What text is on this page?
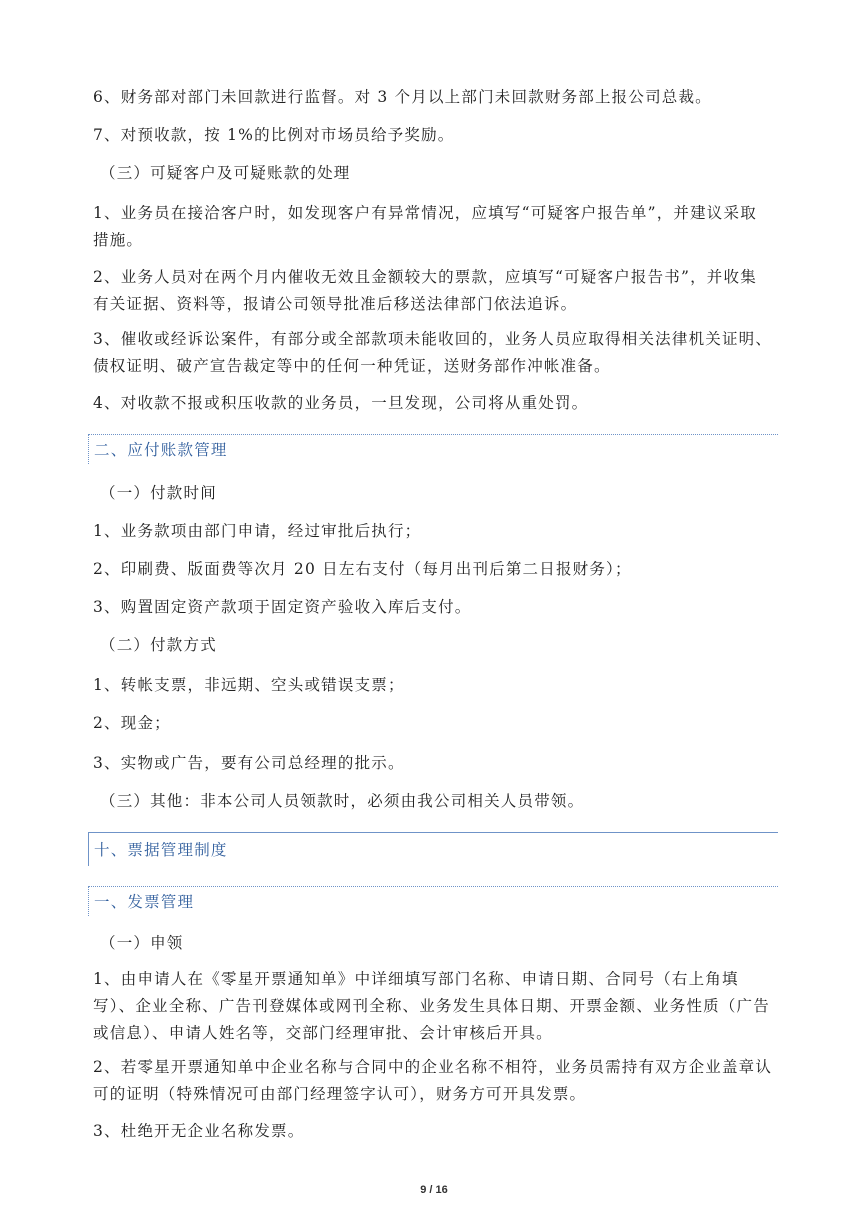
6、财务部对部门未回款进行监督。对 3 个月以上部门未回款财务部上报公司总裁。

7、对预收款，按 1%的比例对市场员给予奖励。

（三）可疑客户及可疑账款的处理

1、业务员在接洽客户时，如发现客户有异常情况，应填写“可疑客户报告单”，并建议采取措施。

2、业务人员对在两个月内催收无效且金额较大的票款，应填写“可疑客户报告书”，并收集有关证据、资料等，报请公司领导批准后移送法律部门依法追诉。

3、催收或经诉讼案件，有部分或全部款项未能收回的，业务人员应取得相关法律机关证明、债权证明、破产宣告裁定等中的任何一种凭证，送财务部作冲帐准备。

4、对收款不报或积压收款的业务员，一旦发现，公司将从重处罚。

二、应付账款管理

（一）付款时间

1、业务款项由部门申请，经过审批后执行；

2、印刷费、版面费等次月 20 日左右支付（每月出刊后第二日报财务）；

3、购置固定资产款项于固定资产验收入库后支付。

（二）付款方式

1、转帐支票，非远期、空头或错误支票；

2、现金；

3、实物或广告，要有公司总经理的批示。

（三）其他：非本公司人员领款时，必须由我公司相关人员带领。

十、票据管理制度
一、发票管理

（一）申领

1、由申请人在《零星开票通知单》中详细填写部门名称、申请日期、合同号（右上角填写）、企业全称、广告刊登媒体或网刊全称、业务发生具体日期、开票金额、业务性质（广告或信息）、申请人姓名等，交部门经理审批、会计审核后开具。

2、若零星开票通知单中企业名称与合同中的企业名称不相符，业务员需持有双方企业盖章认可的证明（特殊情况可由部门经理签字认可），财务方可开具发票。

3、杜绝开无企业名称发票。

9 / 16
